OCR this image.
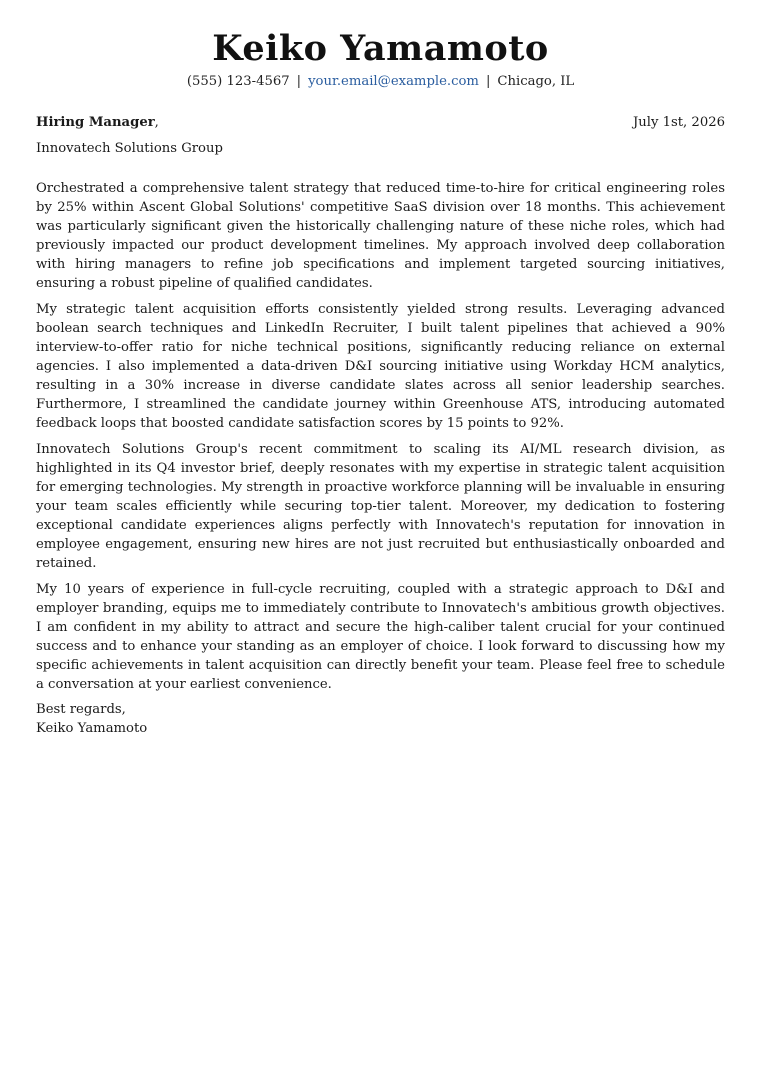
Keiko Yamamoto
(555) 123-4567 | your.email@example.com | Chicago, IL
Hiring Manager,	July 1st, 2026
Innovatech Solutions Group

Orchestrated a comprehensive talent strategy that reduced time-to-hire for critical engineering roles by 25% within Ascent Global Solutions' competitive SaaS division over 18 months. This achievement was particularly significant given the historically challenging nature of these niche roles, which had previously impacted our product development timelines. My approach involved deep collaboration with hiring managers to refine job specifications and implement targeted sourcing initiatives, ensuring a robust pipeline of qualified candidates.

My strategic talent acquisition efforts consistently yielded strong results. Leveraging advanced boolean search techniques and LinkedIn Recruiter, I built talent pipelines that achieved a 90% interview-to-offer ratio for niche technical positions, significantly reducing reliance on external agencies. I also implemented a data-driven D&I sourcing initiative using Workday HCM analytics, resulting in a 30% increase in diverse candidate slates across all senior leadership searches. Furthermore, I streamlined the candidate journey within Greenhouse ATS, introducing automated feedback loops that boosted candidate satisfaction scores by 15 points to 92%.

Innovatech Solutions Group's recent commitment to scaling its AI/ML research division, as highlighted in its Q4 investor brief, deeply resonates with my expertise in strategic talent acquisition for emerging technologies. My strength in proactive workforce planning will be invaluable in ensuring your team scales efficiently while securing top-tier talent. Moreover, my dedication to fostering exceptional candidate experiences aligns perfectly with Innovatech's reputation for innovation in employee engagement, ensuring new hires are not just recruited but enthusiastically onboarded and retained.

My 10 years of experience in full-cycle recruiting, coupled with a strategic approach to D&I and employer branding, equips me to immediately contribute to Innovatech's ambitious growth objectives. I am confident in my ability to attract and secure the high-caliber talent crucial for your continued success and to enhance your standing as an employer of choice. I look forward to discussing how my specific achievements in talent acquisition can directly benefit your team. Please feel free to schedule a conversation at your earliest convenience.

Best regards,
Keiko Yamamoto
